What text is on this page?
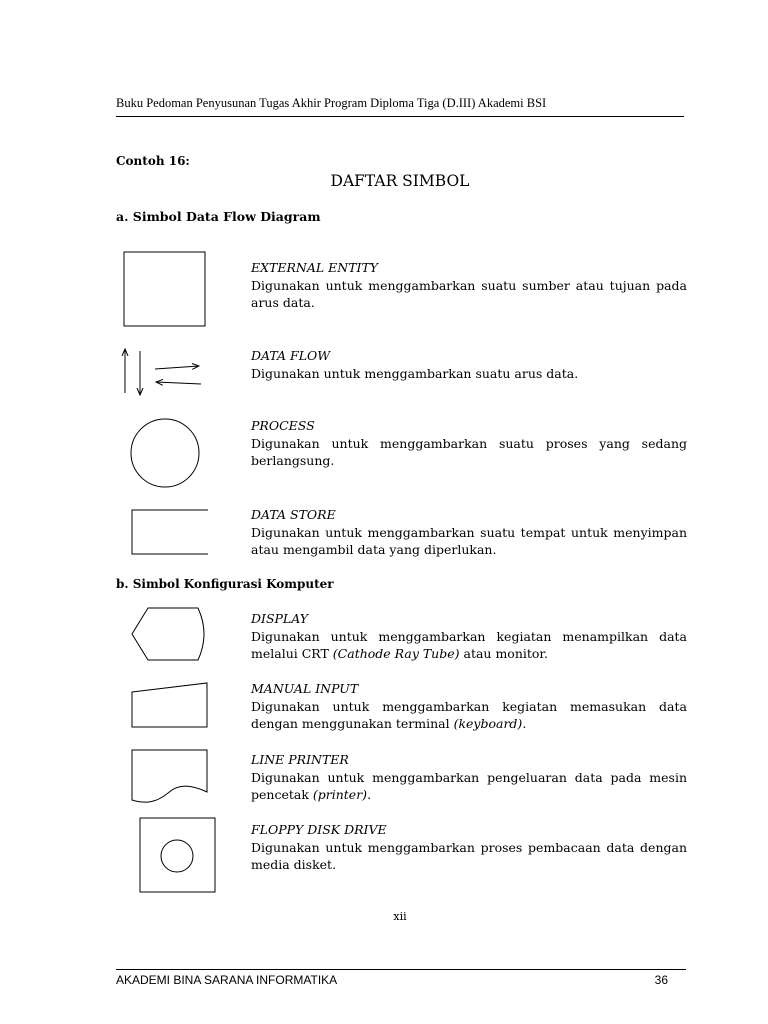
Buku Pedoman Penyusunan Tugas Akhir Program Diploma Tiga (D.III) Akademi BSI
Contoh 16:
DAFTAR SIMBOL
a. Simbol Data Flow Diagram
EXTERNAL ENTITY
Digunakan untuk menggambarkan suatu sumber atau tujuan pada arus data.
DATA FLOW
Digunakan untuk menggambarkan suatu arus data.
PROCESS
Digunakan untuk menggambarkan suatu proses yang sedang berlangsung.
DATA STORE
Digunakan untuk menggambarkan suatu tempat untuk menyimpan atau mengambil data yang diperlukan.
b. Simbol Konfigurasi Komputer
DISPLAY
Digunakan untuk menggambarkan kegiatan menampilkan data melalui CRT (Cathode Ray Tube) atau monitor.
MANUAL INPUT
Digunakan untuk menggambarkan kegiatan memasukan data dengan menggunakan terminal (keyboard).
LINE PRINTER
Digunakan untuk menggambarkan pengeluaran data pada mesin pencetak (printer).
FLOPPY DISK DRIVE
Digunakan untuk menggambarkan proses pembacaan data dengan media disket.
xii
AKADEMI BINA SARANA INFORMATIKA	36
